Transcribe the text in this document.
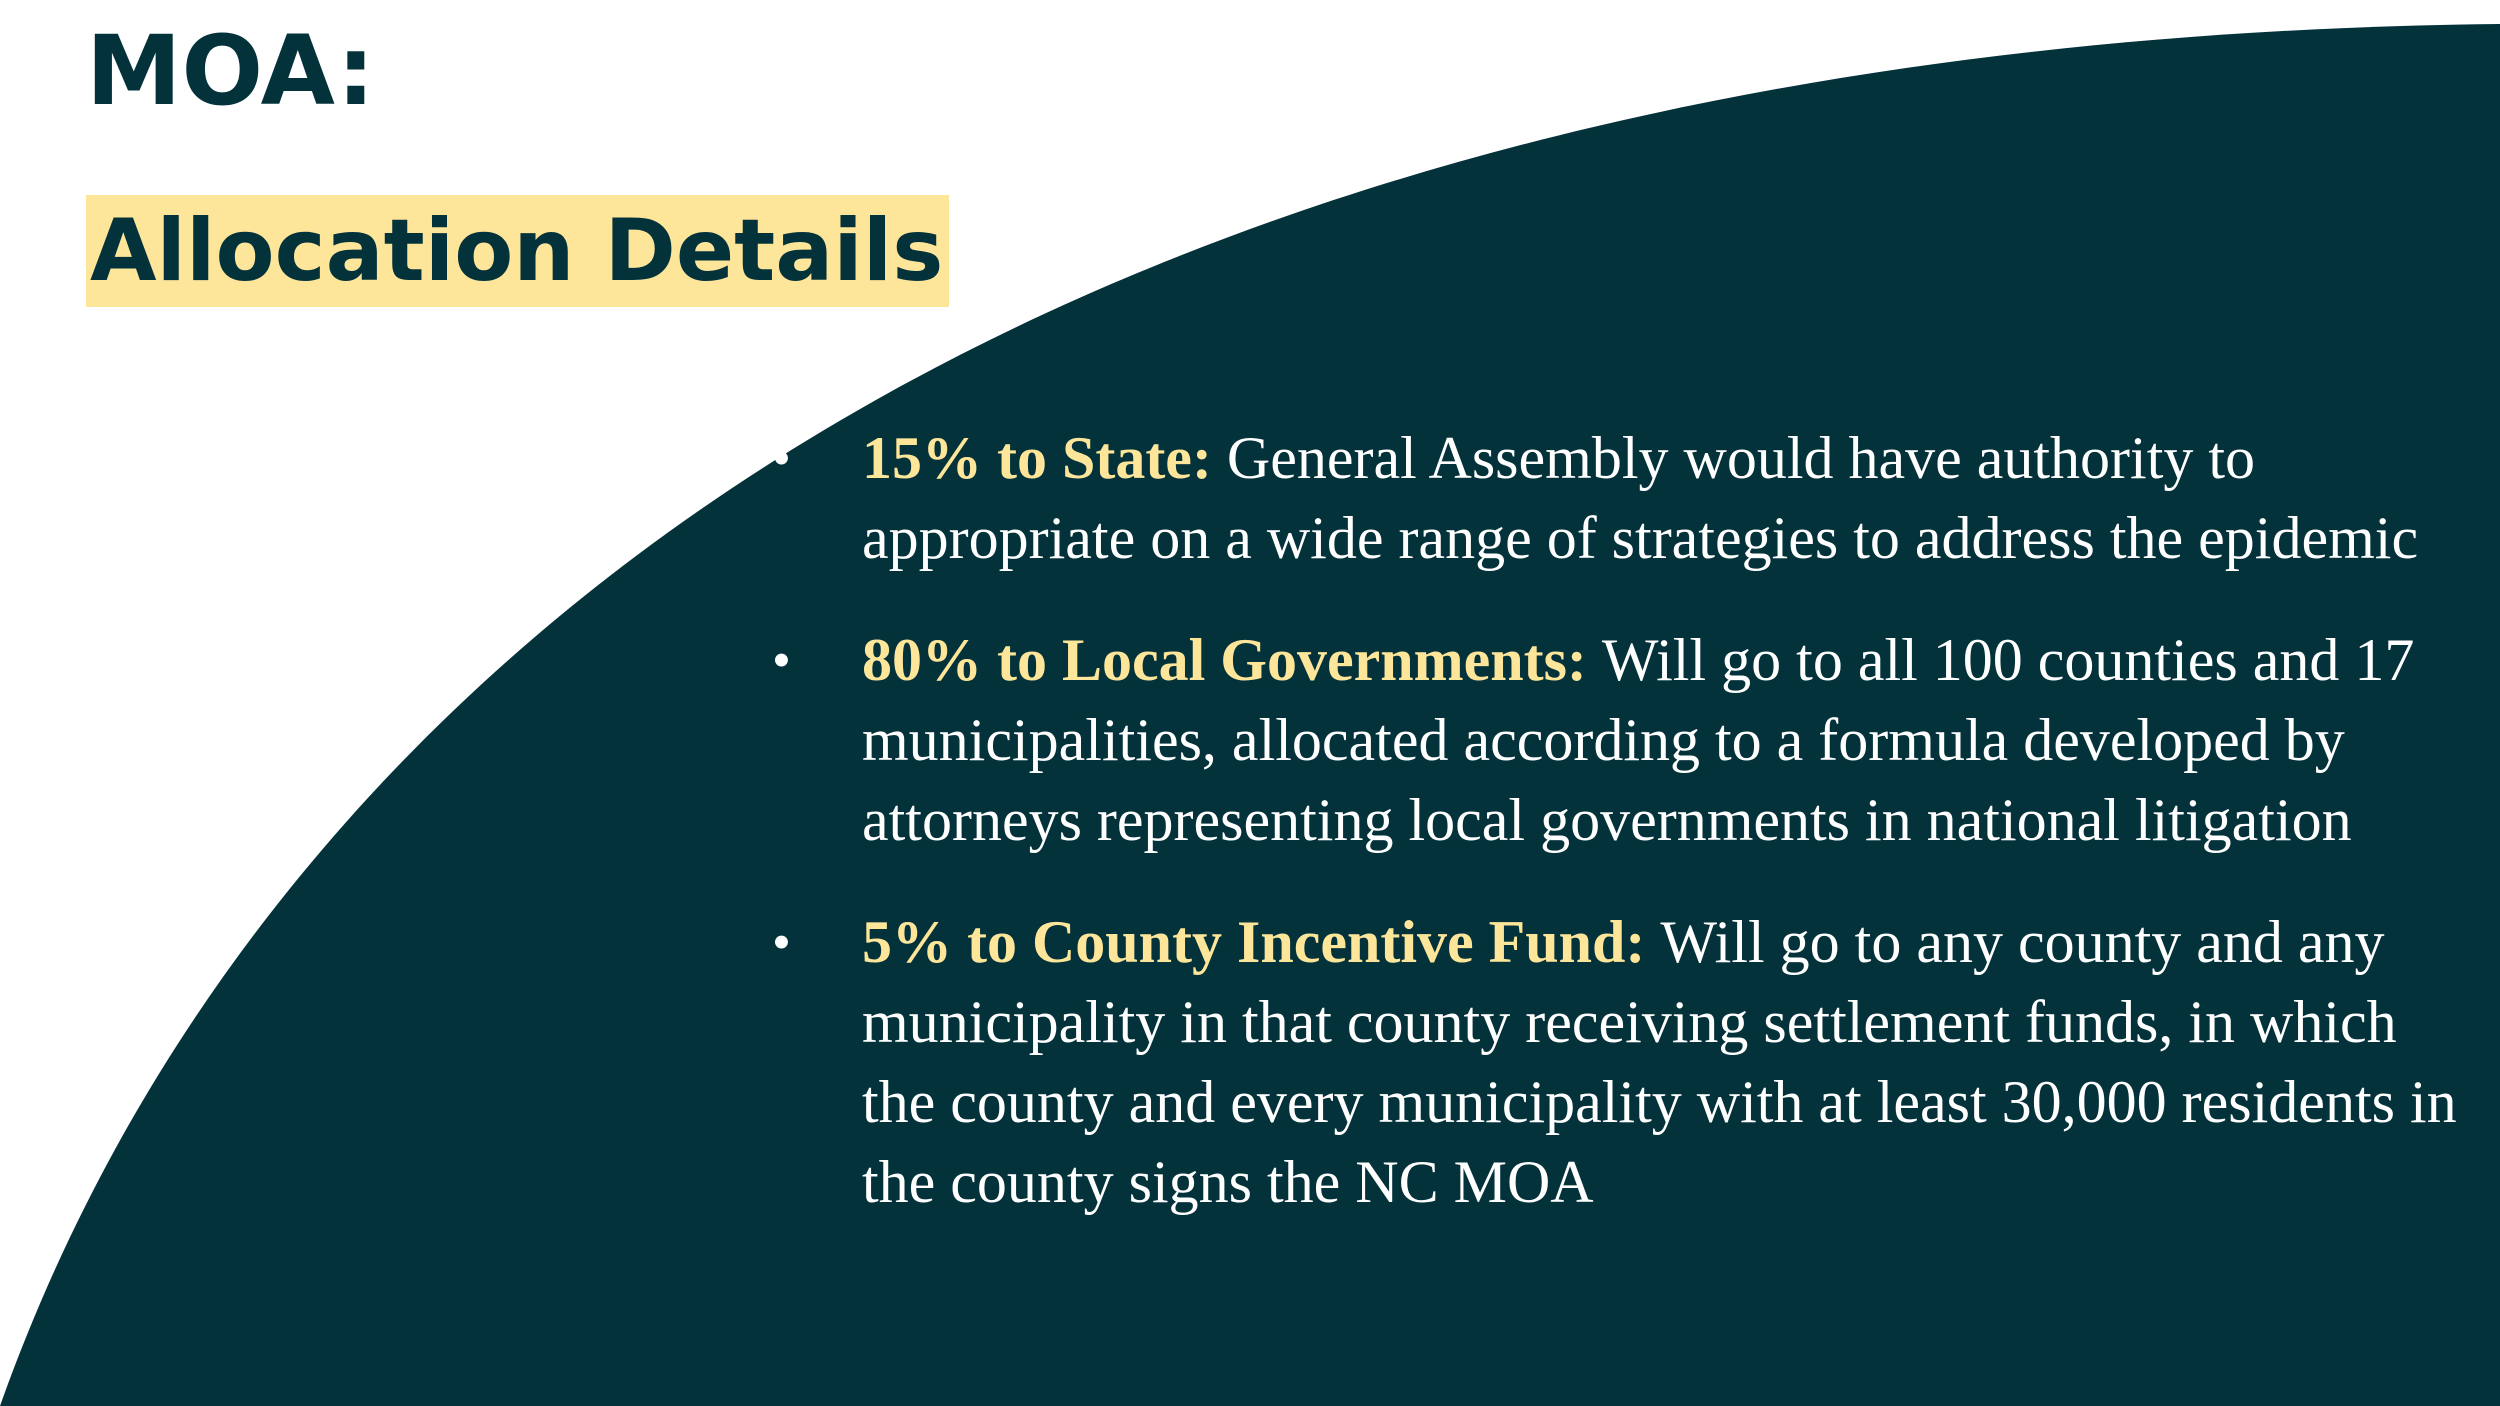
MOA:
Allocation Details
• 15% to State: General Assembly would have authority to appropriate on a wide range of strategies to address the epidemic
• 80% to Local Governments: Will go to all 100 counties and 17 municipalities, allocated according to a formula developed by attorneys representing local governments in national litigation
• 5% to County Incentive Fund: Will go to any county and any municipality in that county receiving settlement funds, in which the county and every municipality with at least 30,000 residents in the county signs the NC MOA
